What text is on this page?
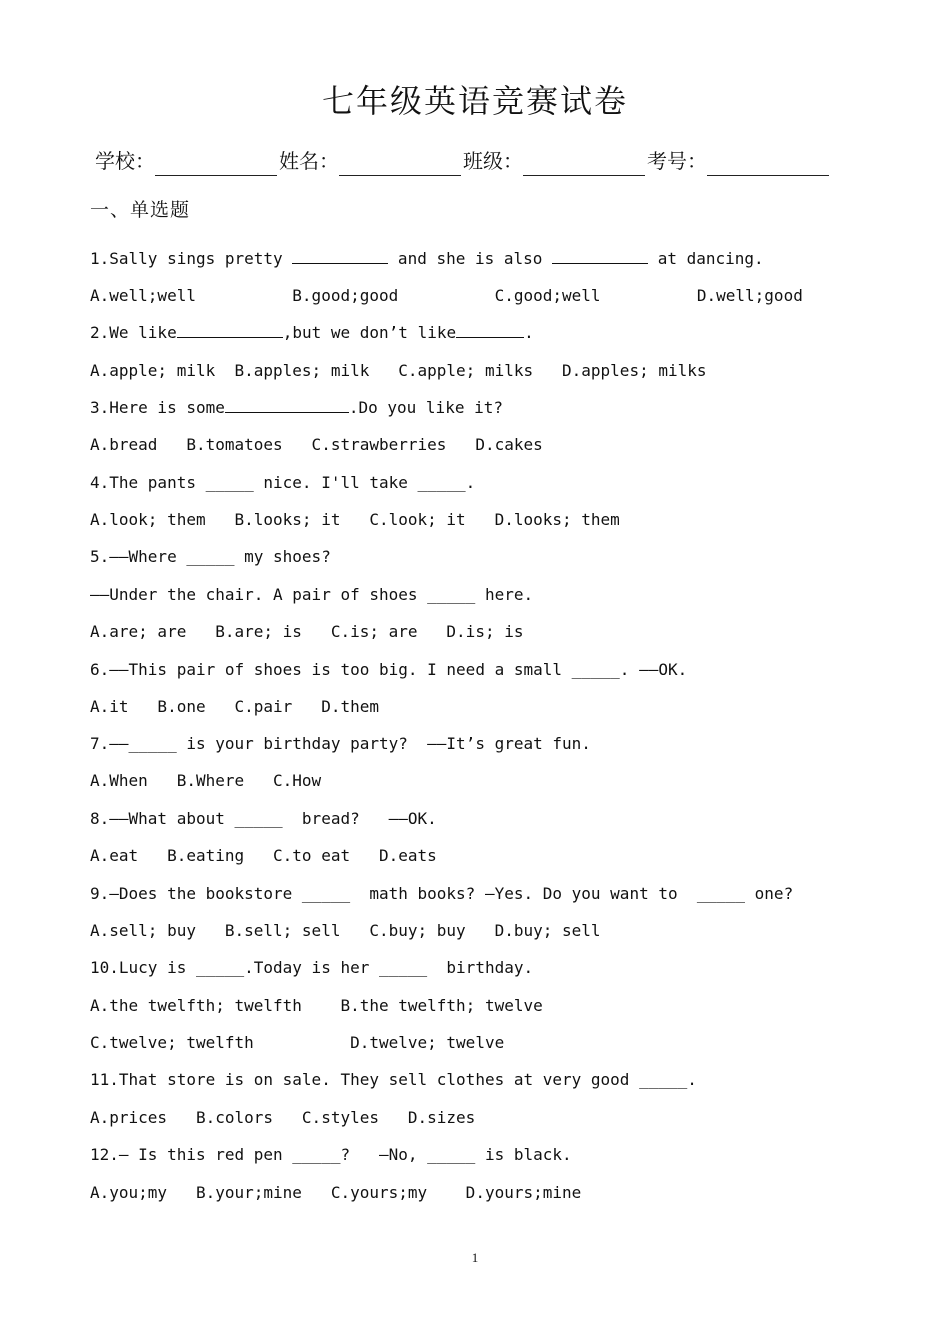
七年级英语竞赛试卷
学校：	姓名：	班级：	考号：
一、单选题
1.Sally sings pretty	and she is also	at dancing.
A.well;well          B.good;good          C.good;well          D.well;good
2.We like	,but we don’t like	.
A.apple; milk  B.apples; milk   C.apple; milks   D.apples; milks
3.Here is some	.Do you like it?
A.bread   B.tomatoes   C.strawberries   D.cakes
4.The pants _____ nice. I'll take _____.
A.look; them   B.looks; it   C.look; it   D.looks; them
5.——Where _____ my shoes?
——Under the chair. A pair of shoes _____ here.
A.are; are   B.are; is   C.is; are   D.is; is
6.——This pair of shoes is too big. I need a small _____. ——OK.
A.it   B.one   C.pair   D.them
7.——_____ is your birthday party?  ——It’s great fun.
A.When   B.Where   C.How
8.——What about _____  bread?   ——OK.
A.eat   B.eating   C.to eat   D.eats
9.—Does the bookstore _____  math books? —Yes. Do you want to  _____ one?
A.sell; buy   B.sell; sell   C.buy; buy   D.buy; sell
10.Lucy is _____.Today is her _____  birthday.
A.the twelfth; twelfth    B.the twelfth; twelve
C.twelve; twelfth          D.twelve; twelve
11.That store is on sale. They sell clothes at very good _____.
A.prices   B.colors   C.styles   D.sizes
12.— Is this red pen _____?   —No, _____ is black.
A.you;my   B.your;mine   C.yours;my    D.yours;mine
1
